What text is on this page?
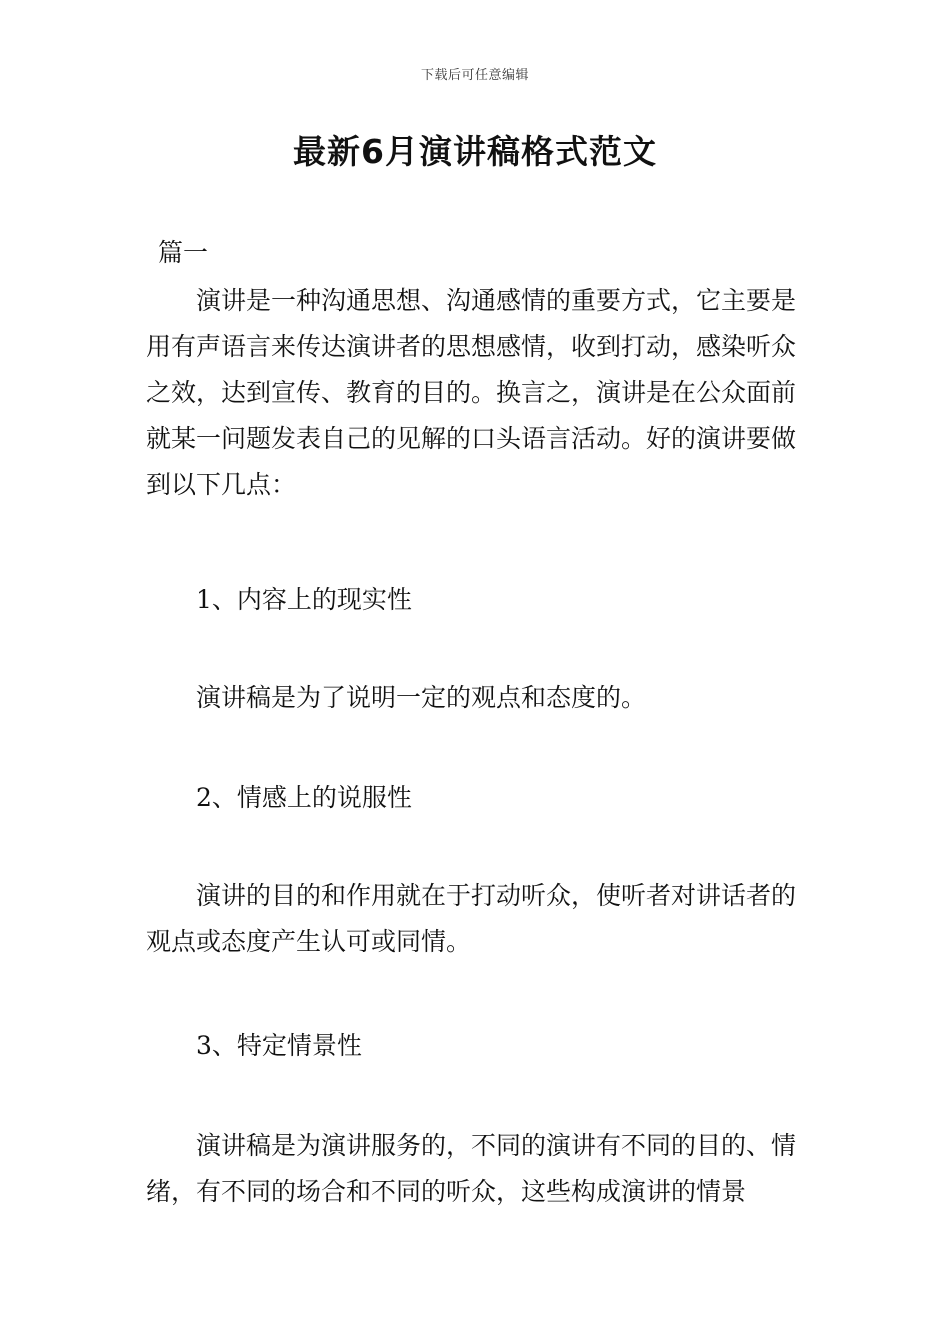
下载后可任意编辑
最新6月演讲稿格式范文
篇一
演讲是一种沟通思想、沟通感情的重要方式，它主要是用有声语言来传达演讲者的思想感情，收到打动，感染听众之效，达到宣传、教育的目的。换言之，演讲是在公众面前就某一问题发表自己的见解的口头语言活动。好的演讲要做到以下几点：
1、内容上的现实性
演讲稿是为了说明一定的观点和态度的。
2、情感上的说服性
演讲的目的和作用就在于打动听众，使听者对讲话者的观点或态度产生认可或同情。
3、特定情景性
演讲稿是为演讲服务的，不同的演讲有不同的目的、情绪，有不同的场合和不同的听众，这些构成演讲的情景
